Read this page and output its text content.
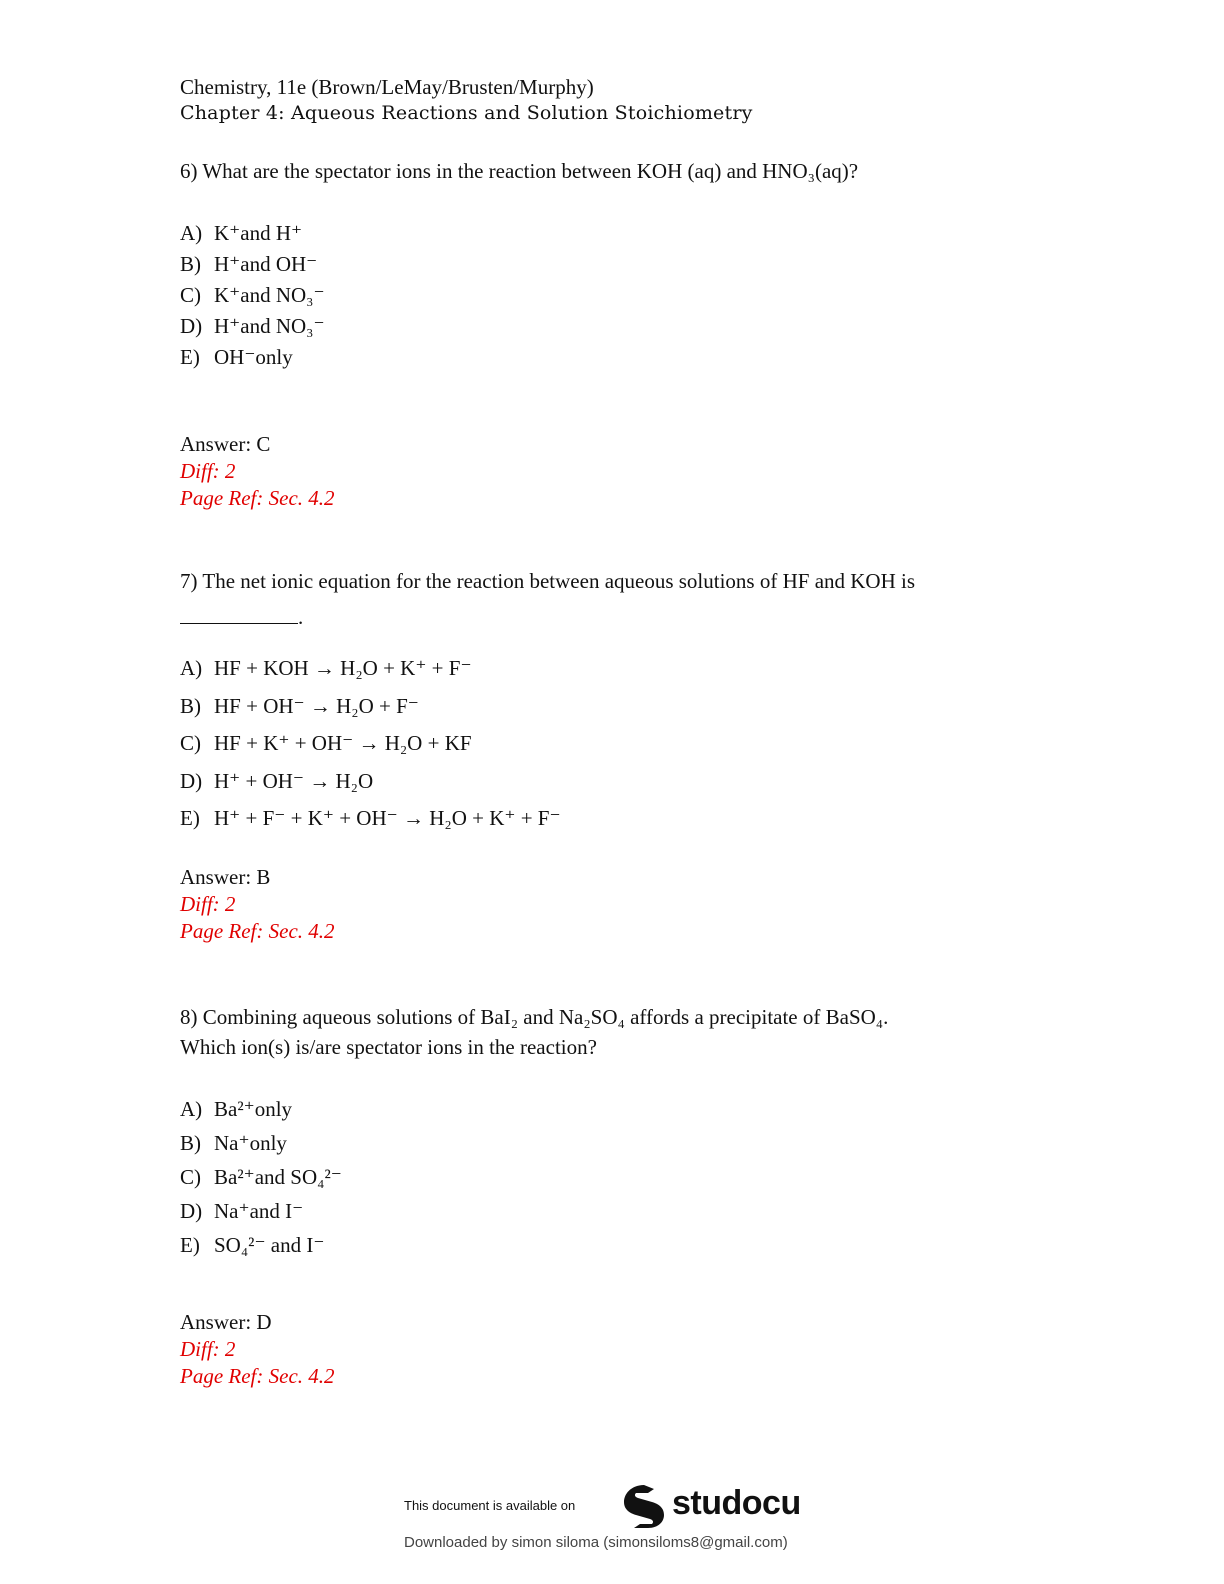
Chemistry, 11e (Brown/LeMay/Brusten/Murphy)
Chapter 4: Aqueous Reactions and Solution Stoichiometry
6) What are the spectator ions in the reaction between KOH (aq) and HNO₃(aq)?
A) K⁺and H⁺
B) H⁺and OH⁻
C) K⁺and NO₃⁻
D) H⁺and NO₃⁻
E) OH⁻only
Answer: C
Diff: 2
Page Ref: Sec. 4.2
7) The net ionic equation for the reaction between aqueous solutions of HF and KOH is
.
A) HF + KOH → H₂O + K⁺ + F⁻
B) HF + OH⁻ → H₂O + F⁻
C) HF + K⁺ + OH⁻ → H₂O + KF
D) H⁺ + OH⁻ → H₂O
E) H⁺ + F⁻ + K⁺ + OH⁻ → H₂O + K⁺ + F⁻
Answer: B
Diff: 2
Page Ref: Sec. 4.2
8) Combining aqueous solutions of BaI₂ and Na₂SO₄ affords a precipitate of BaSO₄.
Which ion(s) is/are spectator ions in the reaction?
A) Ba²⁺only
B) Na⁺only
C) Ba²⁺and SO₄²⁻
D) Na⁺and I⁻
E) SO₄²⁻ and I⁻
Answer: D
Diff: 2
Page Ref: Sec. 4.2
This document is available on	studocu
Downloaded by simon siloma (simonsiloms8@gmail.com)
